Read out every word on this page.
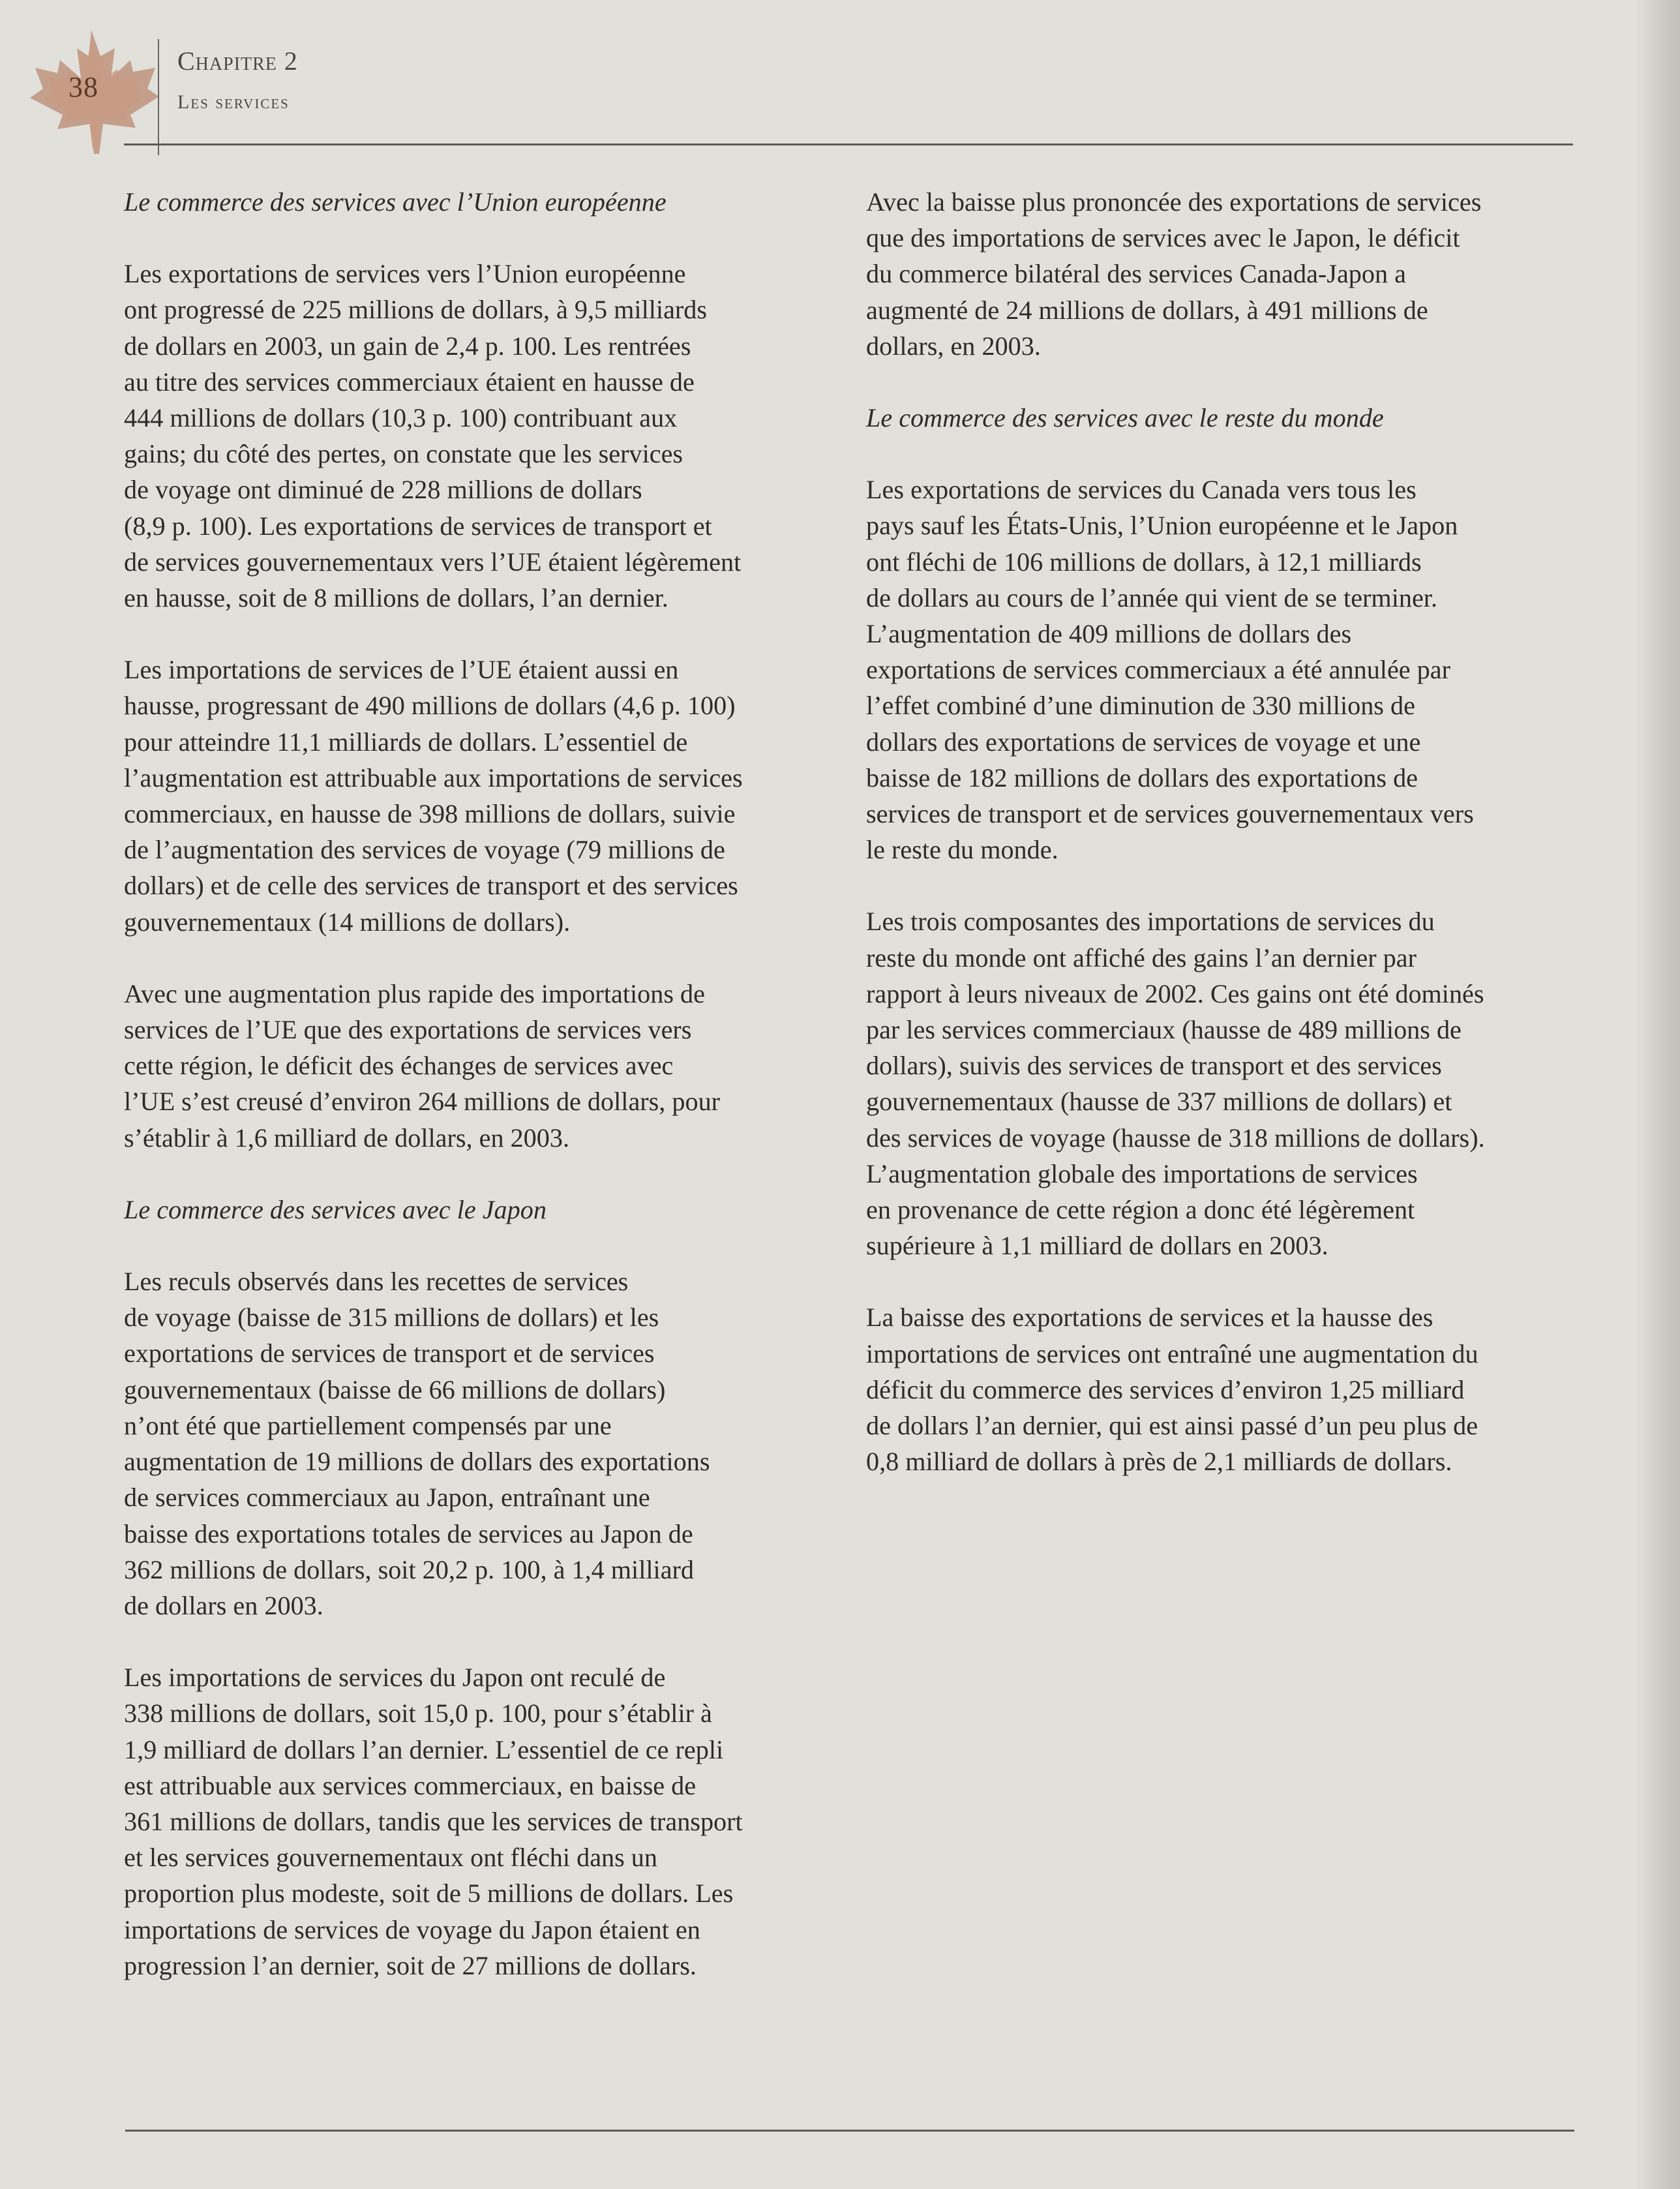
38
Chapitre 2
Les services
Le commerce des services avec l’Union européenne
Les exportations de services vers l’Union européenne
ont progressé de 225 millions de dollars, à 9,5 milliards
de dollars en 2003, un gain de 2,4 p. 100. Les rentrées
au titre des services commerciaux étaient en hausse de
444 millions de dollars (10,3 p. 100) contribuant aux
gains; du côté des pertes, on constate que les services
de voyage ont diminué de 228 millions de dollars
(8,9 p. 100). Les exportations de services de transport et
de services gouvernementaux vers l’UE étaient légèrement
en hausse, soit de 8 millions de dollars, l’an dernier.
Les importations de services de l’UE étaient aussi en
hausse, progressant de 490 millions de dollars (4,6 p. 100)
pour atteindre 11,1 milliards de dollars. L’essentiel de
l’augmentation est attribuable aux importations de services
commerciaux, en hausse de 398 millions de dollars, suivie
de l’augmentation des services de voyage (79 millions de
dollars) et de celle des services de transport et des services
gouvernementaux (14 millions de dollars).
Avec une augmentation plus rapide des importations de
services de l’UE que des exportations de services vers
cette région, le déficit des échanges de services avec
l’UE s’est creusé d’environ 264 millions de dollars, pour
s’établir à 1,6 milliard de dollars, en 2003.
Le commerce des services avec le Japon
Les reculs observés dans les recettes de services
de voyage (baisse de 315 millions de dollars) et les
exportations de services de transport et de services
gouvernementaux (baisse de 66 millions de dollars)
n’ont été que partiellement compensés par une
augmentation de 19 millions de dollars des exportations
de services commerciaux au Japon, entraînant une
baisse des exportations totales de services au Japon de
362 millions de dollars, soit 20,2 p. 100, à 1,4 milliard
de dollars en 2003.
Les importations de services du Japon ont reculé de
338 millions de dollars, soit 15,0 p. 100, pour s’établir à
1,9 milliard de dollars l’an dernier. L’essentiel de ce repli
est attribuable aux services commerciaux, en baisse de
361 millions de dollars, tandis que les services de transport
et les services gouvernementaux ont fléchi dans un
proportion plus modeste, soit de 5 millions de dollars. Les
importations de services de voyage du Japon étaient en
progression l’an dernier, soit de 27 millions de dollars.
Avec la baisse plus prononcée des exportations de services
que des importations de services avec le Japon, le déficit
du commerce bilatéral des services Canada-Japon a
augmenté de 24 millions de dollars, à 491 millions de
dollars, en 2003.
Le commerce des services avec le reste du monde
Les exportations de services du Canada vers tous les
pays sauf les États-Unis, l’Union européenne et le Japon
ont fléchi de 106 millions de dollars, à 12,1 milliards
de dollars au cours de l’année qui vient de se terminer.
L’augmentation de 409 millions de dollars des
exportations de services commerciaux a été annulée par
l’effet combiné d’une diminution de 330 millions de
dollars des exportations de services de voyage et une
baisse de 182 millions de dollars des exportations de
services de transport et de services gouvernementaux vers
le reste du monde.
Les trois composantes des importations de services du
reste du monde ont affiché des gains l’an dernier par
rapport à leurs niveaux de 2002. Ces gains ont été dominés
par les services commerciaux (hausse de 489 millions de
dollars), suivis des services de transport et des services
gouvernementaux (hausse de 337 millions de dollars) et
des services de voyage (hausse de 318 millions de dollars).
L’augmentation globale des importations de services
en provenance de cette région a donc été légèrement
supérieure à 1,1 milliard de dollars en 2003.
La baisse des exportations de services et la hausse des
importations de services ont entraîné une augmentation du
déficit du commerce des services d’environ 1,25 milliard
de dollars l’an dernier, qui est ainsi passé d’un peu plus de
0,8 milliard de dollars à près de 2,1 milliards de dollars.
